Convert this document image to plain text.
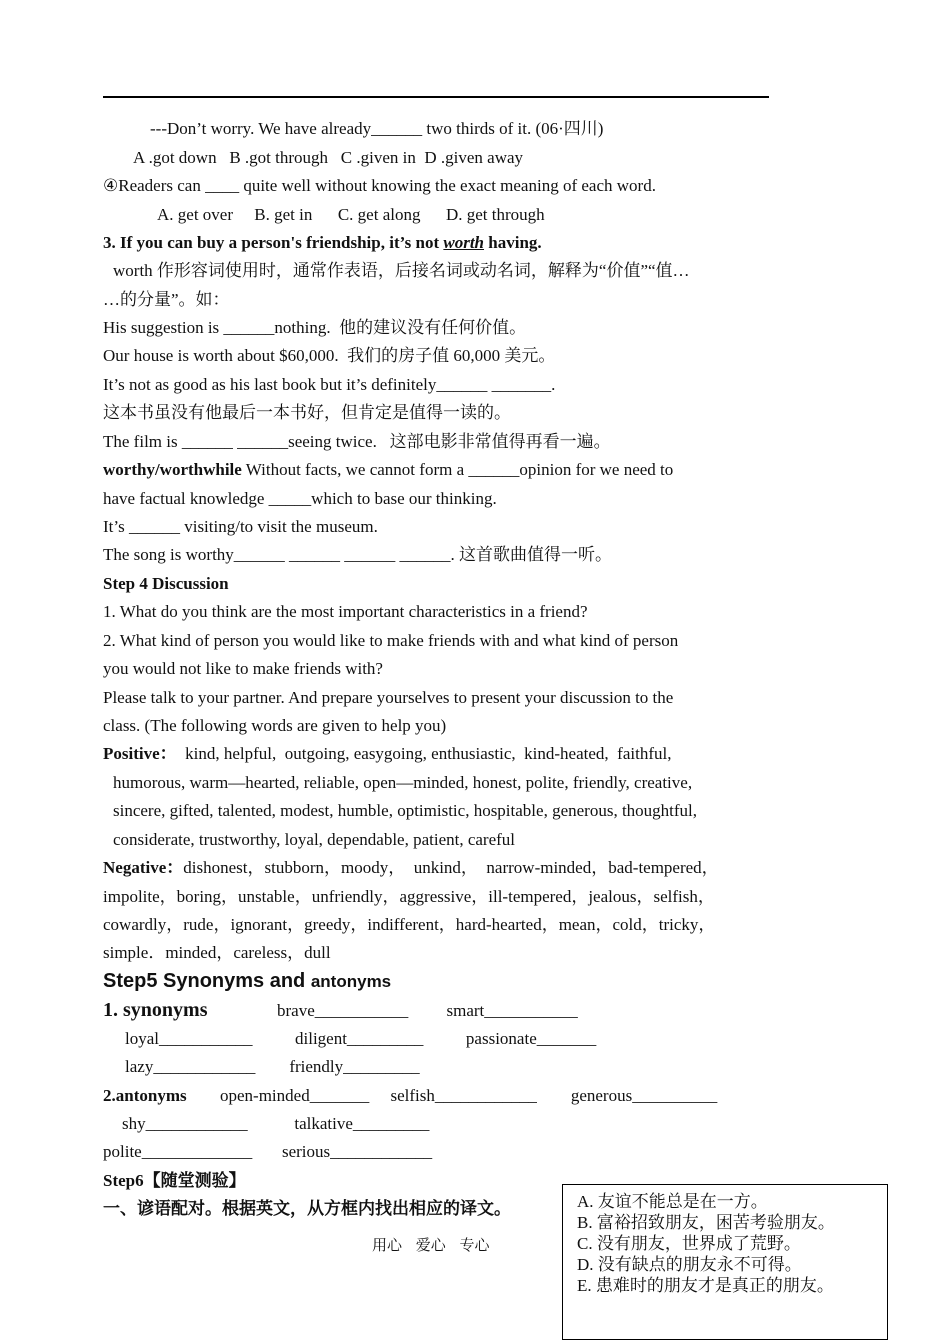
---Don’t worry. We have already______ two thirds of it. (06·四川)
A .got down   B .got through   C .given in  D .given away
④Readers can ____ quite well without knowing the exact meaning of each word.
A. get over     B. get in      C. get along      D. get through
3. If you can buy a person's friendship, it’s not worth having.
worth 作形容词使用时，通常作表语，后接名词或动名词，解释为“价值”“值…
…的分量”。如：
His suggestion is ______nothing.  他的建议没有任何价值。
Our house is worth about $60,000.  我们的房子值 60,000 美元。
It’s not as good as his last book but it’s definitely______ _______.
这本书虽没有他最后一本书好，但肯定是值得一读的。
The film is ______ ______seeing twice.   这部电影非常值得再看一遍。
worthy/worthwhile Without facts, we cannot form a ______opinion for we need to
have factual knowledge _____which to base our thinking.
It’s ______ visiting/to visit the museum.
The song is worthy______ ______ ______ ______. 这首歌曲值得一听。
Step 4 Discussion
1. What do you think are the most important characteristics in a friend?
2. What kind of person you would like to make friends with and what kind of person
you would not like to make friends with?
Please talk to your partner. And prepare yourselves to present your discussion to the
class. (The following words are given to help you)
Positive：  kind, helpful,  outgoing, easygoing, enthusiastic,  kind-heated,  faithful,
humorous, warm—hearted, reliable, open—minded, honest, polite, friendly, creative,
sincere, gifted, talented, modest, humble, optimistic, hospitable, generous, thoughtful,
considerate, trustworthy, loyal, dependable, patient, careful
Negative：dishonest，stubborn，moody，  unkind，  narrow-minded，bad-tempered，
impolite，boring，unstable，unfriendly，aggressive，ill-tempered，jealous，selfish，
cowardly，rude，ignorant，greedy，indifferent，hard-hearted，mean，cold，tricky，
simple．minded，careless，dull
Step5 Synonyms and antonyms
1. synonyms	brave___________         smart___________
loyal___________          diligent_________          passionate_______
lazy____________        friendly_________
2.antonyms open-minded_______     selfish____________        generous__________
shy____________           talkative_________
polite_____________       serious____________
Step6【随堂测验】
一、谚语配对。根据英文，从方框内找出相应的译文。
用心 爱心 专心
A. 友谊不能总是在一方。
B. 富裕招致朋友，困苦考验朋友。
C. 没有朋友，世界成了荒野。
D. 没有缺点的朋友永不可得。
E. 患难时的朋友才是真正的朋友。
